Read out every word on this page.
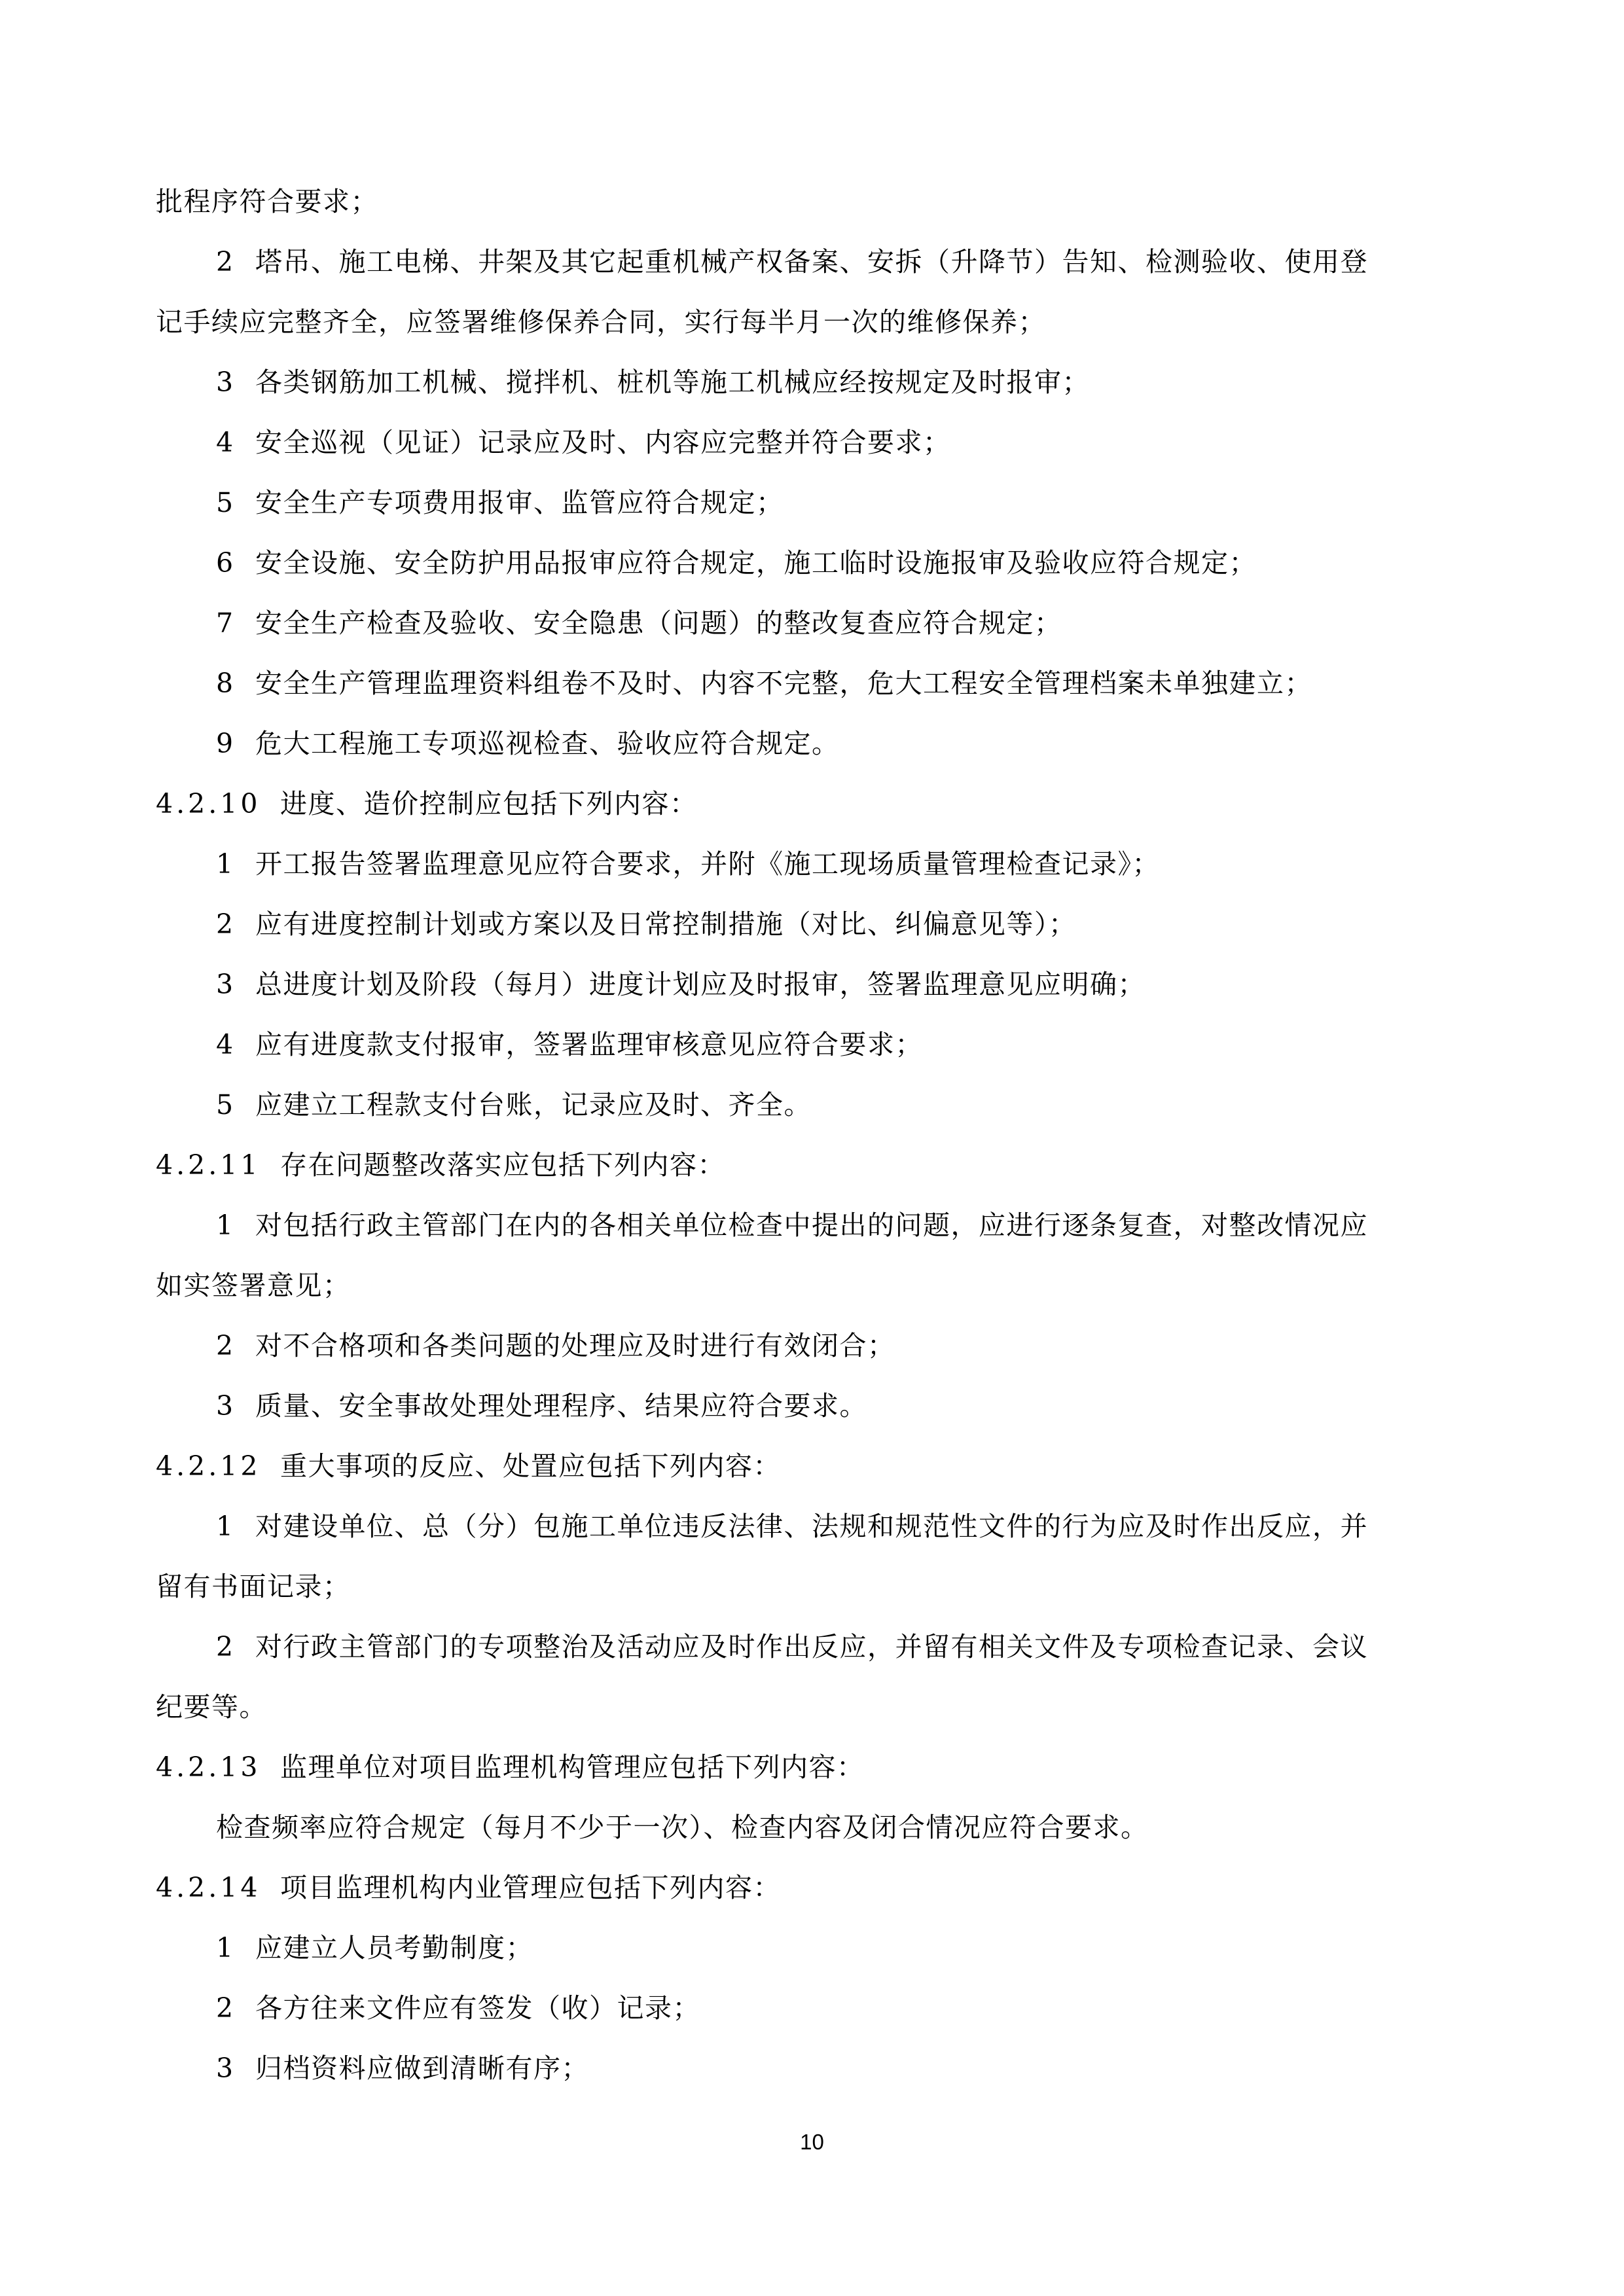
批程序符合要求；
2 塔吊、施工电梯、井架及其它起重机械产权备案、安拆（升降节）告知、检测验收、使用登
记手续应完整齐全，应签署维修保养合同，实行每半月一次的维修保养；
3 各类钢筋加工机械、搅拌机、桩机等施工机械应经按规定及时报审；
4 安全巡视（见证）记录应及时、内容应完整并符合要求；
5 安全生产专项费用报审、监管应符合规定；
6 安全设施、安全防护用品报审应符合规定，施工临时设施报审及验收应符合规定；
7 安全生产检查及验收、安全隐患（问题）的整改复查应符合规定；
8 安全生产管理监理资料组卷不及时、内容不完整，危大工程安全管理档案未单独建立；
9 危大工程施工专项巡视检查、验收应符合规定。
4.2.10 进度、造价控制应包括下列内容：
1 开工报告签署监理意见应符合要求，并附《施工现场质量管理检查记录》；
2 应有进度控制计划或方案以及日常控制措施（对比、纠偏意见等）；
3 总进度计划及阶段（每月）进度计划应及时报审，签署监理意见应明确；
4 应有进度款支付报审，签署监理审核意见应符合要求；
5 应建立工程款支付台账，记录应及时、齐全。
4.2.11 存在问题整改落实应包括下列内容：
1 对包括行政主管部门在内的各相关单位检查中提出的问题，应进行逐条复查，对整改情况应
如实签署意见；
2 对不合格项和各类问题的处理应及时进行有效闭合；
3 质量、安全事故处理处理程序、结果应符合要求。
4.2.12 重大事项的反应、处置应包括下列内容：
1 对建设单位、总（分）包施工单位违反法律、法规和规范性文件的行为应及时作出反应，并
留有书面记录；
2 对行政主管部门的专项整治及活动应及时作出反应，并留有相关文件及专项检查记录、会议
纪要等。
4.2.13 监理单位对项目监理机构管理应包括下列内容：
检查频率应符合规定（每月不少于一次）、检查内容及闭合情况应符合要求。
4.2.14 项目监理机构内业管理应包括下列内容：
1 应建立人员考勤制度；
2 各方往来文件应有签发（收）记录；
3 归档资料应做到清晰有序；
10
